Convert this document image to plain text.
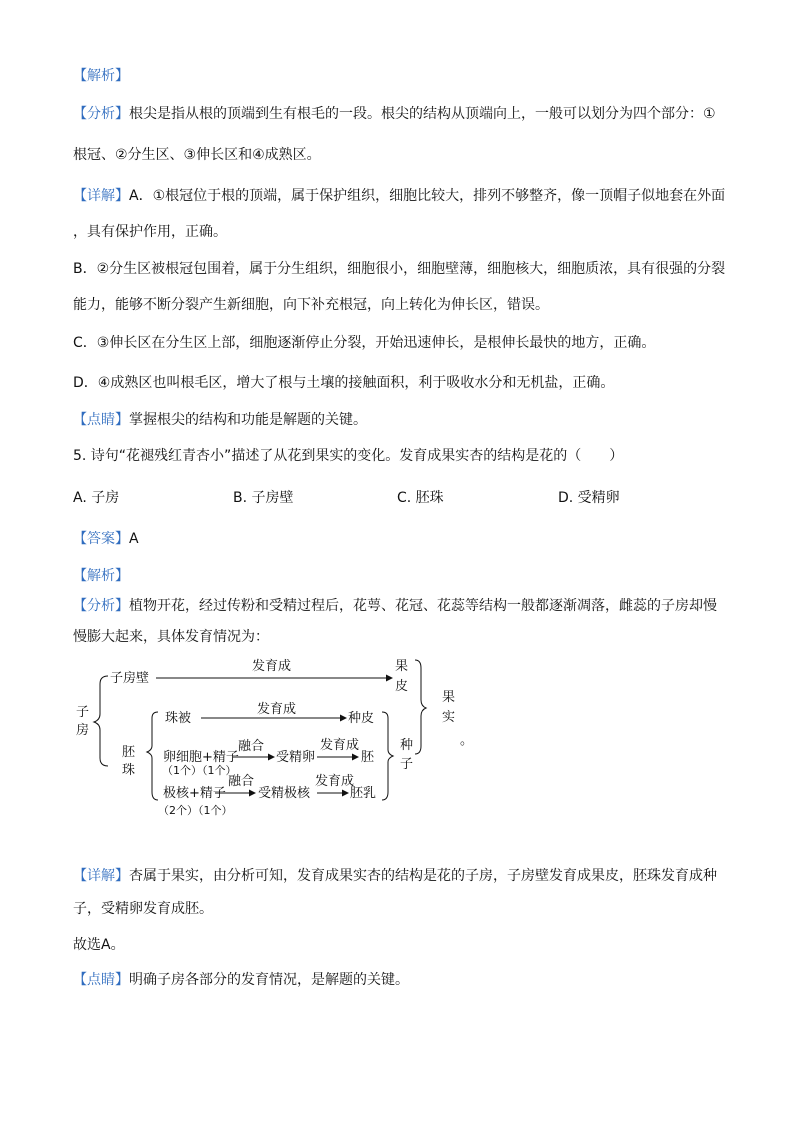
【解析】
【分析】根尖是指从根的顶端到生有根毛的一段。根尖的结构从顶端向上，一般可以划分为四个部分：①
根冠、②分生区、③伸长区和④成熟区。
【详解】A．①根冠位于根的顶端，属于保护组织，细胞比较大，排列不够整齐，像一顶帽子似地套在外面
，具有保护作用，正确。
B．②分生区被根冠包围着，属于分生组织，细胞很小，细胞壁薄，细胞核大，细胞质浓，具有很强的分裂
能力，能够不断分裂产生新细胞，向下补充根冠，向上转化为伸长区，错误。
C．③伸长区在分生区上部，细胞逐渐停止分裂，开始迅速伸长，是根伸长最快的地方，正确。
D．④成熟区也叫根毛区，增大了根与土壤的接触面积，利于吸收水分和无机盐，正确。
【点睛】掌握根尖的结构和功能是解题的关键。
5. 诗句“花褪残红青杏小”描述了从花到果实的变化。发育成果实杏的结构是花的（　　）
A. 子房	B. 子房壁	C. 胚珠	D. 受精卵
【答案】A
【解析】
【分析】植物开花，经过传粉和受精过程后，花萼、花冠、花蕊等结构一般都逐渐凋落，雌蕊的子房却慢
慢膨大起来，具体发育情况为：
子
房
子房壁
发育成	果
皮
果
实
。
胚
珠
珠被
发育成
种皮
种
子
卵细胞+精子
融合
受精卵
发育成
胚
极核+精子
融合
受精极核
发育成
胚乳
（1个）（1个）
（2个）（1个）
【详解】杏属于果实，由分析可知，发育成果实杏的结构是花的子房，子房壁发育成果皮，胚珠发育成种
子，受精卵发育成胚。
故选A。
【点睛】明确子房各部分的发育情况，是解题的关键。
